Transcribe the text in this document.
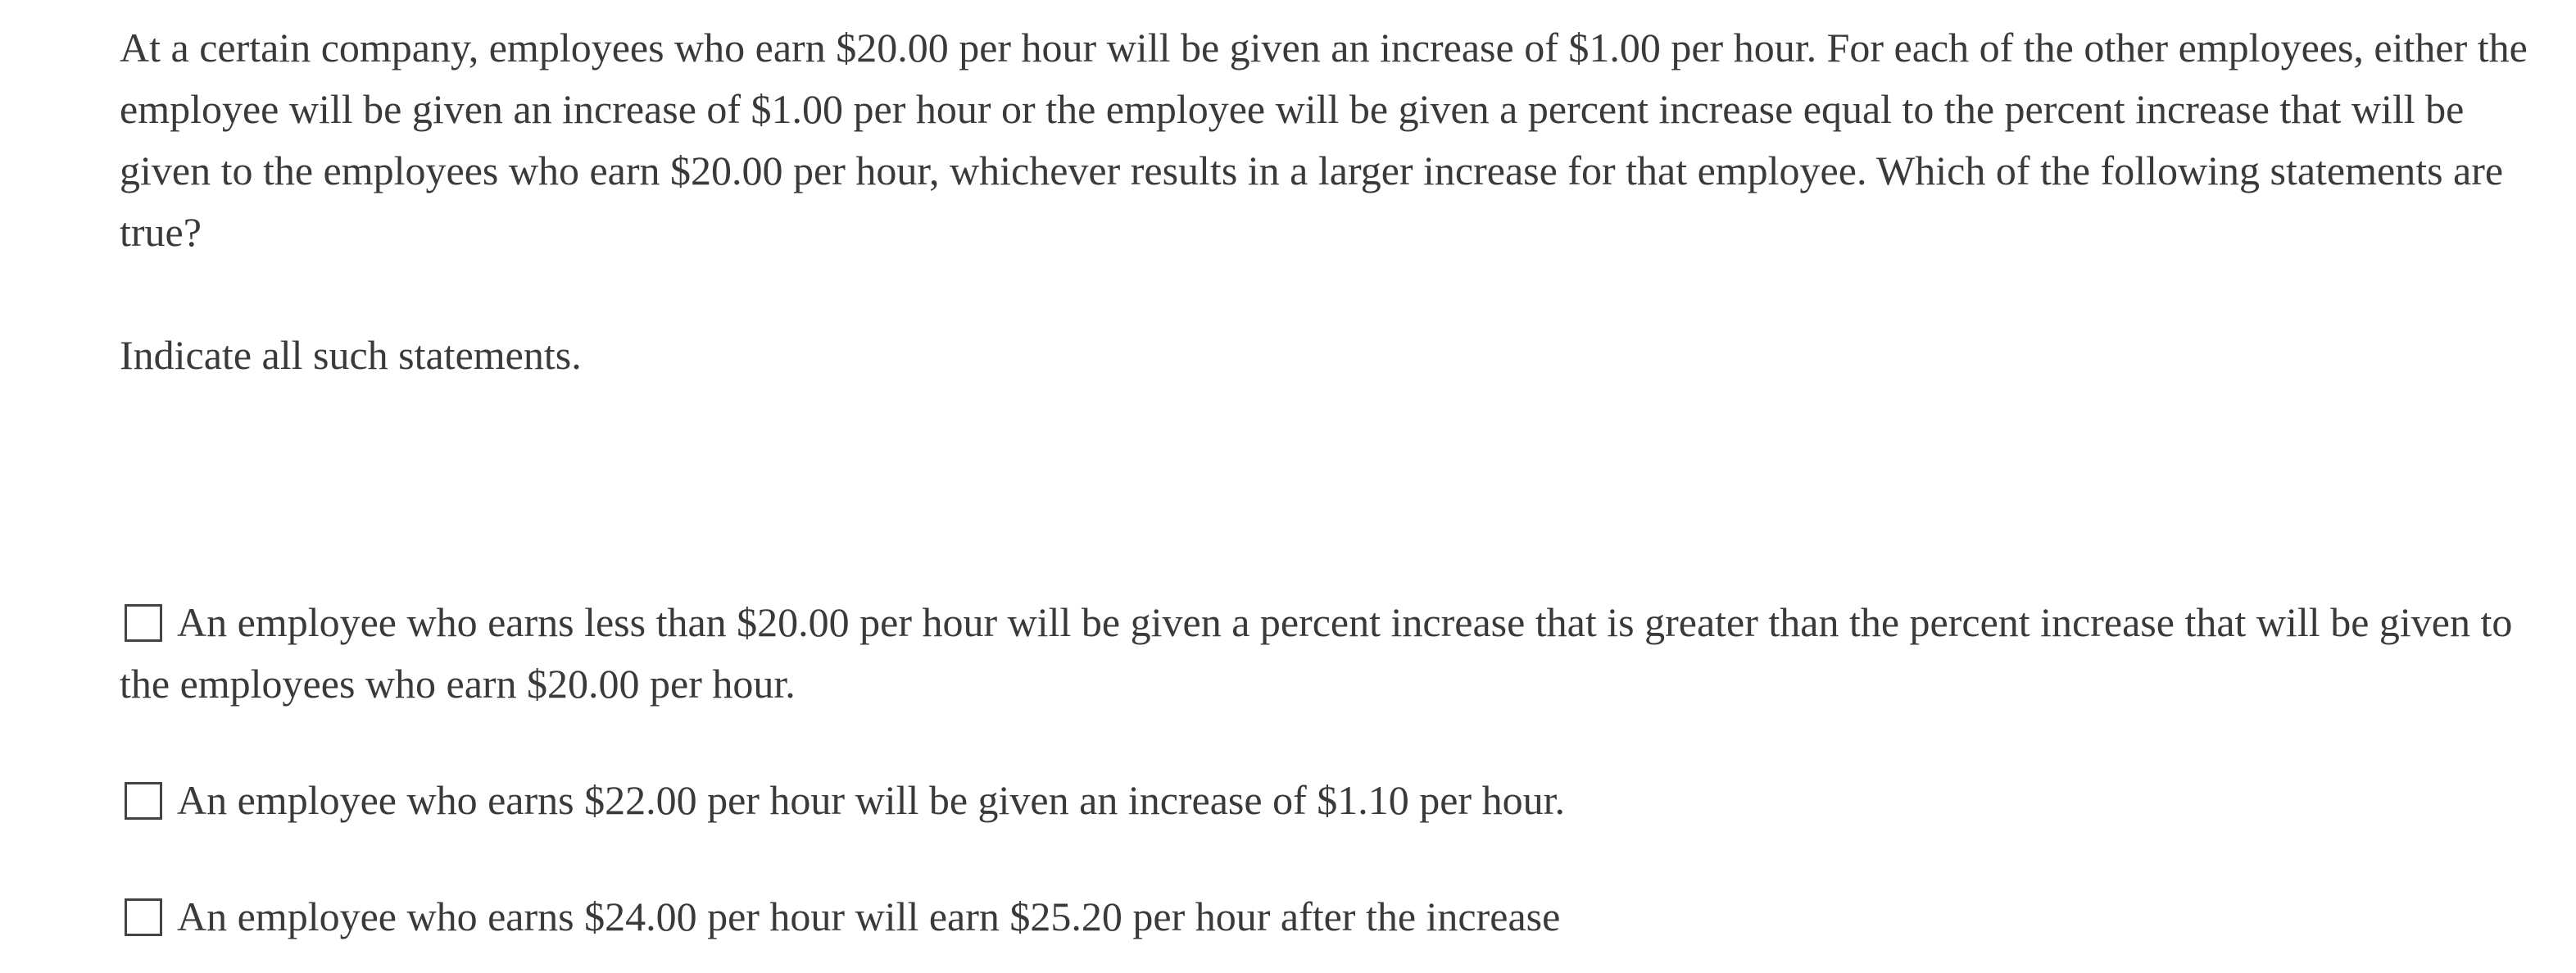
At a certain company, employees who earn $20.00 per hour will be given an increase of $1.00 per hour. For each of the other employees, either the employee will be given an increase of $1.00 per hour or the employee will be given a percent increase equal to the percent increase that will be given to the employees who earn $20.00 per hour, whichever results in a larger increase for that employee. Which of the following statements are true?

Indicate all such statements.

An employee who earns less than $20.00 per hour will be given a percent increase that is greater than the percent increase that will be given to the employees who earn $20.00 per hour.
An employee who earns $22.00 per hour will be given an increase of $1.10 per hour.
An employee who earns $24.00 per hour will earn $25.20 per hour after the increase
